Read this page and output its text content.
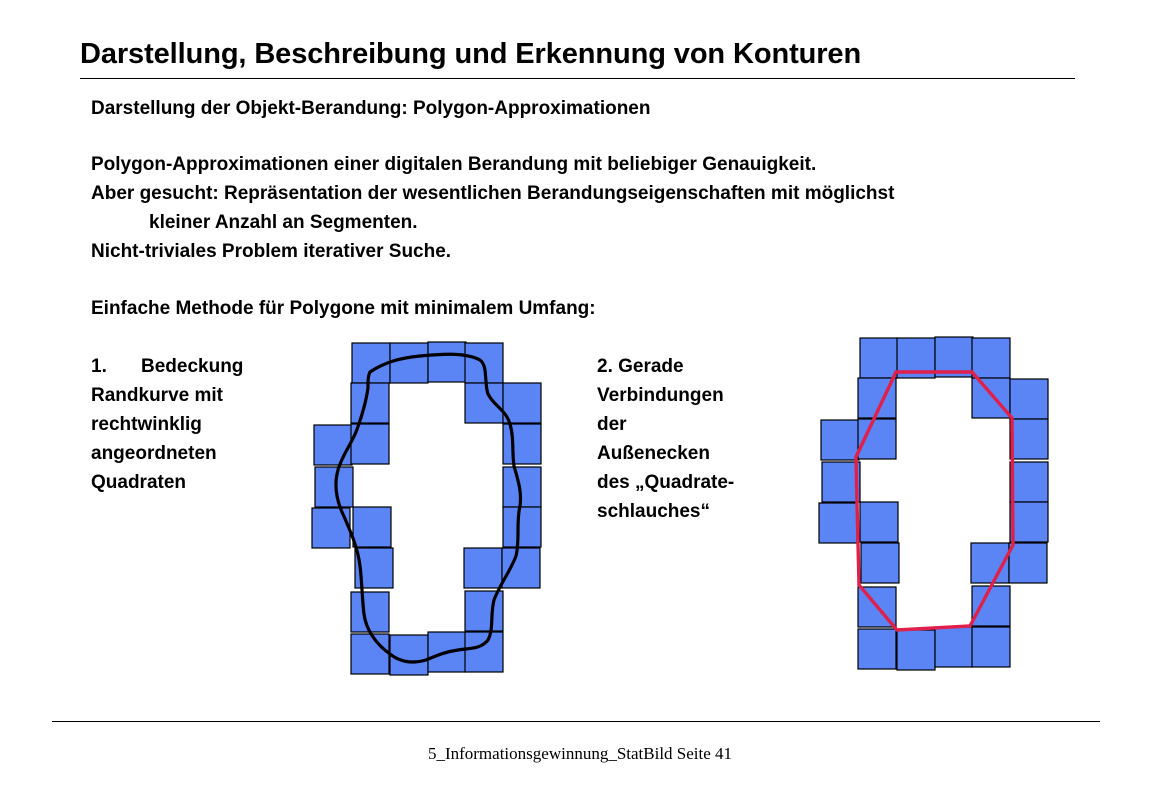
Darstellung, Beschreibung und Erkennung von Konturen
Darstellung der Objekt-Berandung: Polygon-Approximationen
Polygon-Approximationen einer digitalen Berandung mit beliebiger Genauigkeit.
Aber gesucht: Repräsentation der wesentlichen Berandungseigenschaften mit möglichst
kleiner Anzahl an Segmenten.
Nicht-triviales Problem iterativer Suche.
Einfache Methode für Polygone mit minimalem Umfang:
1. Bedeckung
Randkurve mit
rechtwinklig
angeordneten
Quadraten
2. Gerade
Verbindungen
der
Außenecken
des „Quadrate-
schlauches“
5_Informationsgewinnung_StatBild Seite 41
